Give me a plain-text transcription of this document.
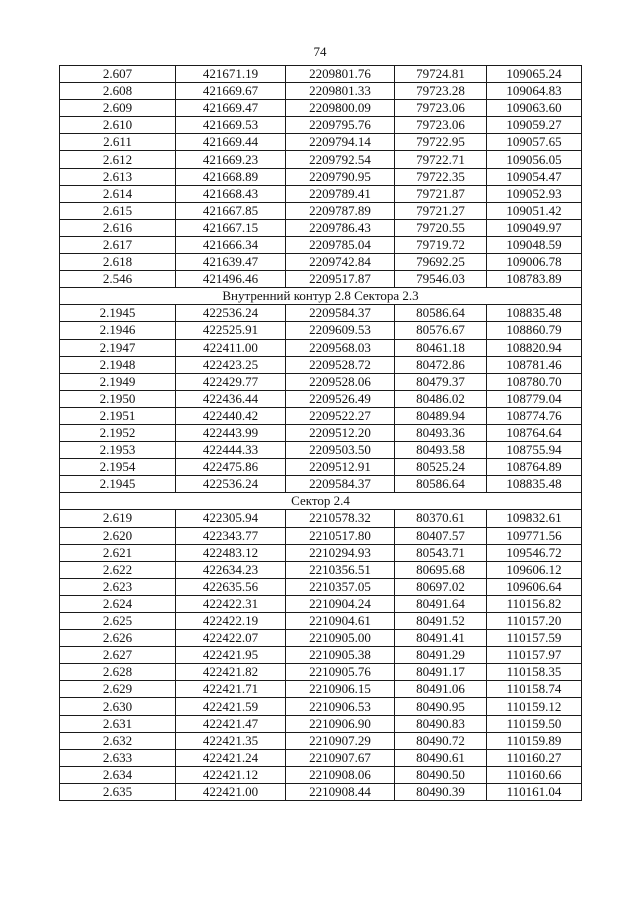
74
2.607	421671.19	2209801.76	79724.81	109065.24
2.608	421669.67	2209801.33	79723.28	109064.83
2.609	421669.47	2209800.09	79723.06	109063.60
2.610	421669.53	2209795.76	79723.06	109059.27
2.611	421669.44	2209794.14	79722.95	109057.65
2.612	421669.23	2209792.54	79722.71	109056.05
2.613	421668.89	2209790.95	79722.35	109054.47
2.614	421668.43	2209789.41	79721.87	109052.93
2.615	421667.85	2209787.89	79721.27	109051.42
2.616	421667.15	2209786.43	79720.55	109049.97
2.617	421666.34	2209785.04	79719.72	109048.59
2.618	421639.47	2209742.84	79692.25	109006.78
2.546	421496.46	2209517.87	79546.03	108783.89
Внутренний контур 2.8 Сектора 2.3				
2.1945	422536.24	2209584.37	80586.64	108835.48
2.1946	422525.91	2209609.53	80576.67	108860.79
2.1947	422411.00	2209568.03	80461.18	108820.94
2.1948	422423.25	2209528.72	80472.86	108781.46
2.1949	422429.77	2209528.06	80479.37	108780.70
2.1950	422436.44	2209526.49	80486.02	108779.04
2.1951	422440.42	2209522.27	80489.94	108774.76
2.1952	422443.99	2209512.20	80493.36	108764.64
2.1953	422444.33	2209503.50	80493.58	108755.94
2.1954	422475.86	2209512.91	80525.24	108764.89
2.1945	422536.24	2209584.37	80586.64	108835.48
Сектор 2.4				
2.619	422305.94	2210578.32	80370.61	109832.61
2.620	422343.77	2210517.80	80407.57	109771.56
2.621	422483.12	2210294.93	80543.71	109546.72
2.622	422634.23	2210356.51	80695.68	109606.12
2.623	422635.56	2210357.05	80697.02	109606.64
2.624	422422.31	2210904.24	80491.64	110156.82
2.625	422422.19	2210904.61	80491.52	110157.20
2.626	422422.07	2210905.00	80491.41	110157.59
2.627	422421.95	2210905.38	80491.29	110157.97
2.628	422421.82	2210905.76	80491.17	110158.35
2.629	422421.71	2210906.15	80491.06	110158.74
2.630	422421.59	2210906.53	80490.95	110159.12
2.631	422421.47	2210906.90	80490.83	110159.50
2.632	422421.35	2210907.29	80490.72	110159.89
2.633	422421.24	2210907.67	80490.61	110160.27
2.634	422421.12	2210908.06	80490.50	110160.66
2.635	422421.00	2210908.44	80490.39	110161.04
